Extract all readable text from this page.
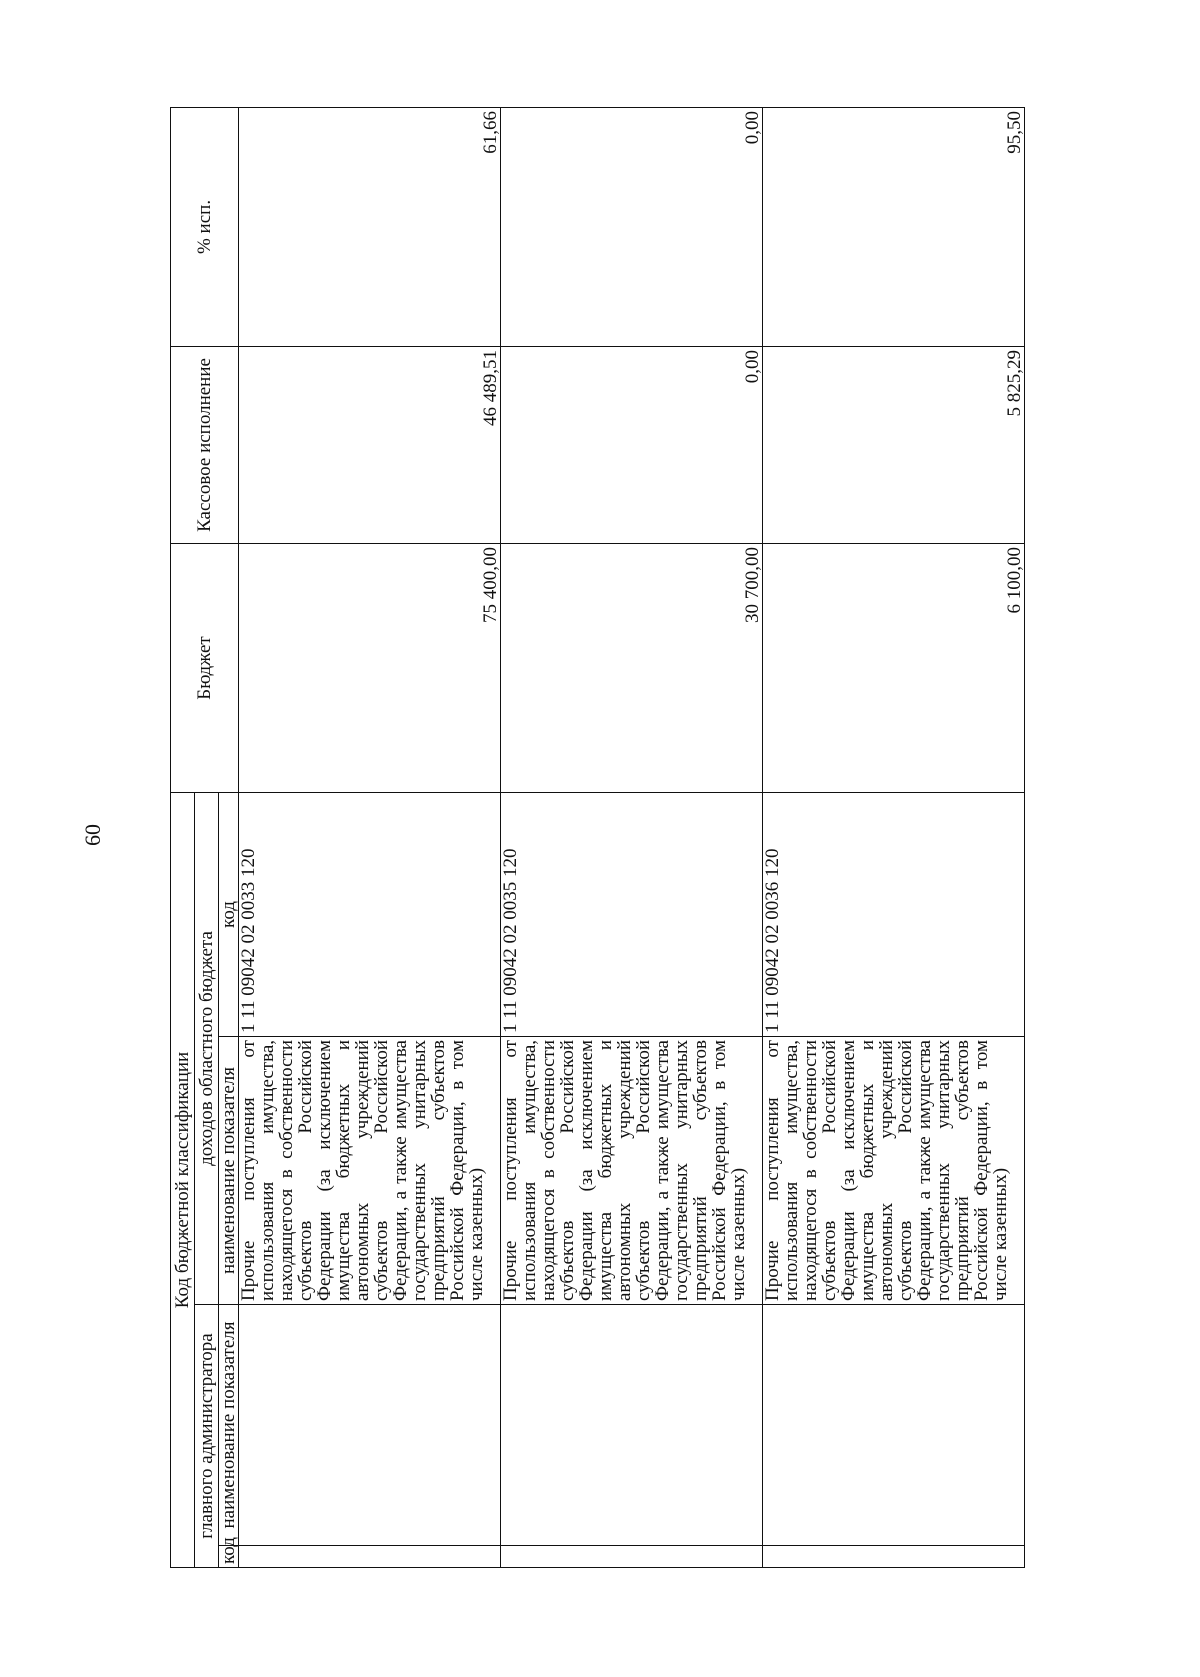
60
Код бюджетной классификации				Бюджет	Кассовое исполнение	% исп.
главного администратора		доходов областного бюджета				
код	наименование показателя	наименование показателя	код			
		Прочие поступления от использования имущества, находящегося в собственности субъектов Российской Федерации (за исключением имущества бюджетных и автономных учреждений субъектов Российской Федерации, а также имущества государственных унитарных предприятий субъектов Российской Федерации, в том числе казенных)	1 11 09042 02 0033 120	75 400,00	46 489,51	61,66
		Прочие поступления от использования имущества, находящегося в собственности субъектов Российской Федерации (за исключением имущества бюджетных и автономных учреждений субъектов Российской Федерации, а также имущества государственных унитарных предприятий субъектов Российской Федерации, в том числе казенных)	1 11 09042 02 0035 120	30 700,00	0,00	0,00
		Прочие поступления от использования имущества, находящегося в собственности субъектов Российской Федерации (за исключением имущества бюджетных и автономных учреждений субъектов Российской Федерации, а также имущества государственных унитарных предприятий субъектов Российской Федерации, в том числе казенных)	1 11 09042 02 0036 120	6 100,00	5 825,29	95,50
